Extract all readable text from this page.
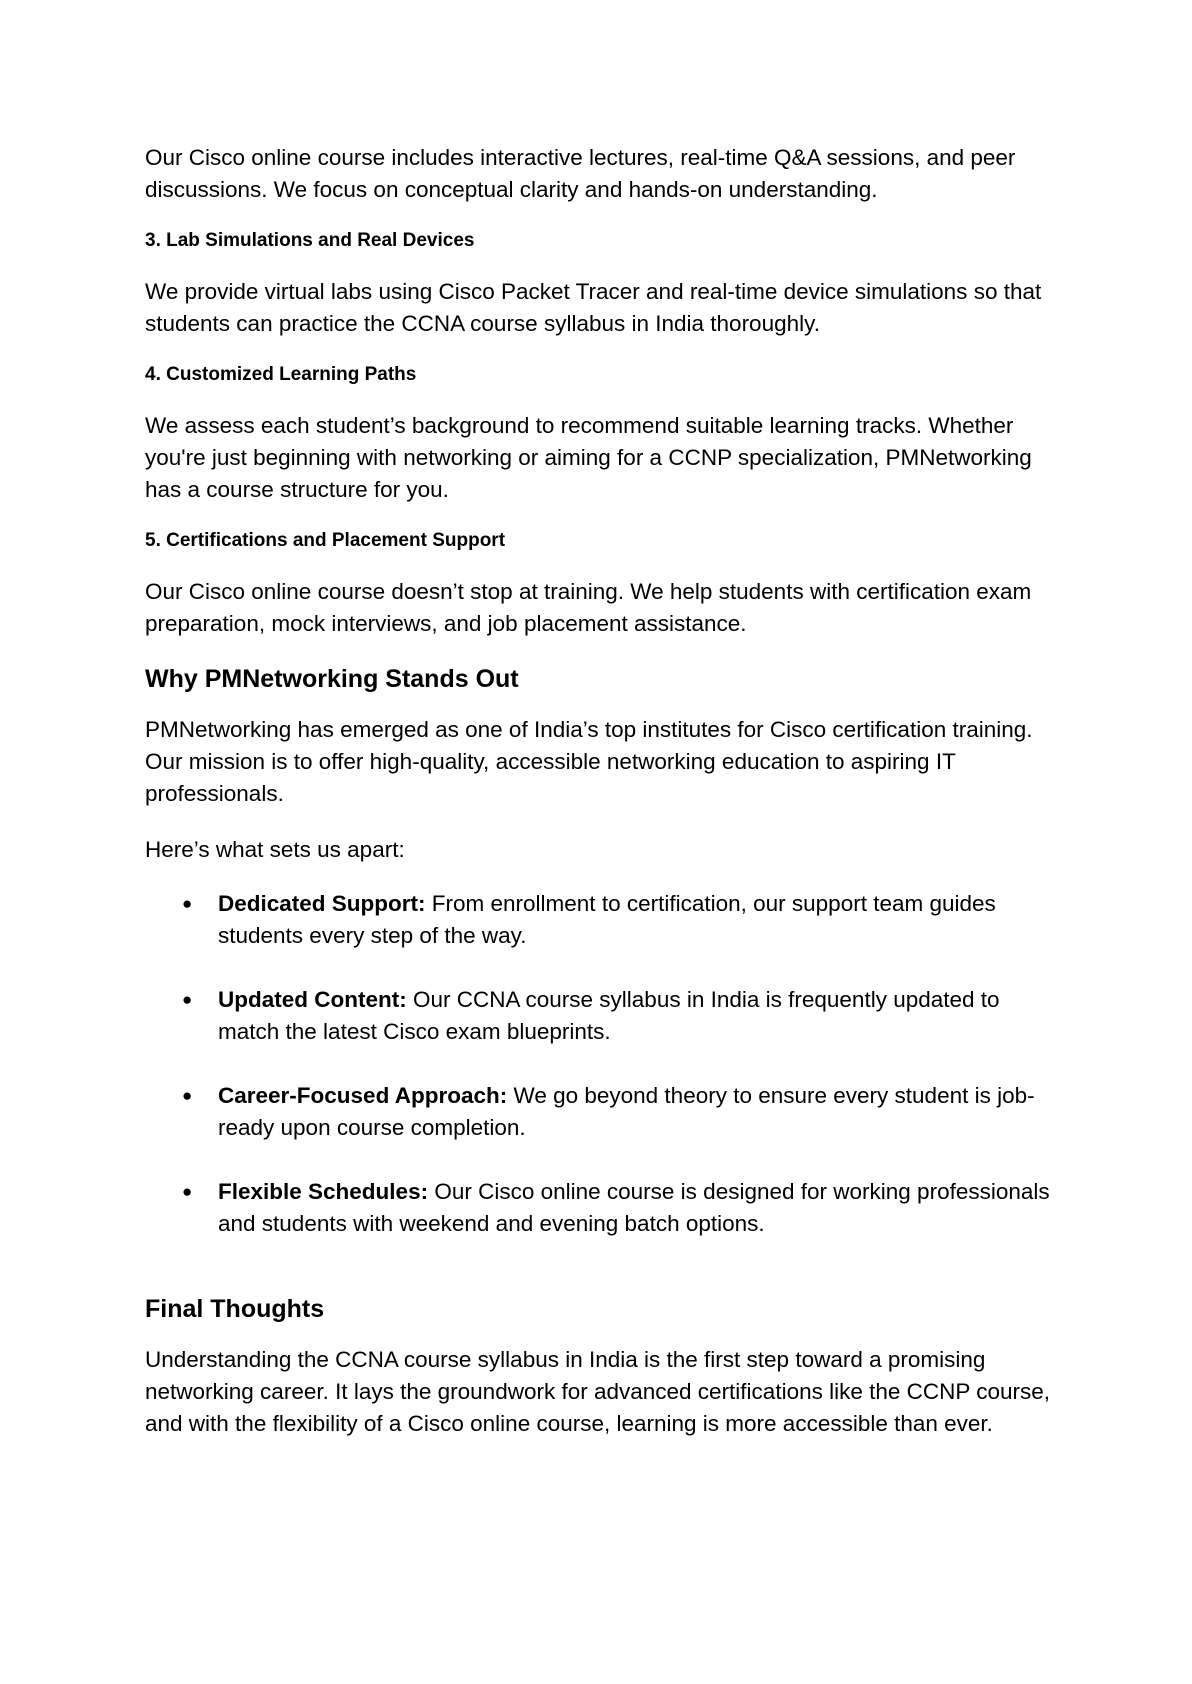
Our Cisco online course includes interactive lectures, real-time Q&A sessions, and peer discussions. We focus on conceptual clarity and hands-on understanding.

3. Lab Simulations and Real Devices

We provide virtual labs using Cisco Packet Tracer and real-time device simulations so that students can practice the CCNA course syllabus in India thoroughly.

4. Customized Learning Paths

We assess each student’s background to recommend suitable learning tracks. Whether you're just beginning with networking or aiming for a CCNP specialization, PMNetworking has a course structure for you.

5. Certifications and Placement Support

Our Cisco online course doesn’t stop at training. We help students with certification exam preparation, mock interviews, and job placement assistance.

Why PMNetworking Stands Out

PMNetworking has emerged as one of India’s top institutes for Cisco certification training. Our mission is to offer high-quality, accessible networking education to aspiring IT professionals.

Here’s what sets us apart:

● Dedicated Support: From enrollment to certification, our support team guides students every step of the way.
● Updated Content: Our CCNA course syllabus in India is frequently updated to match the latest Cisco exam blueprints.
● Career-Focused Approach: We go beyond theory to ensure every student is job-ready upon course completion.
● Flexible Schedules: Our Cisco online course is designed for working professionals and students with weekend and evening batch options.
Final Thoughts

Understanding the CCNA course syllabus in India is the first step toward a promising networking career. It lays the groundwork for advanced certifications like the CCNP course, and with the flexibility of a Cisco online course, learning is more accessible than ever.
